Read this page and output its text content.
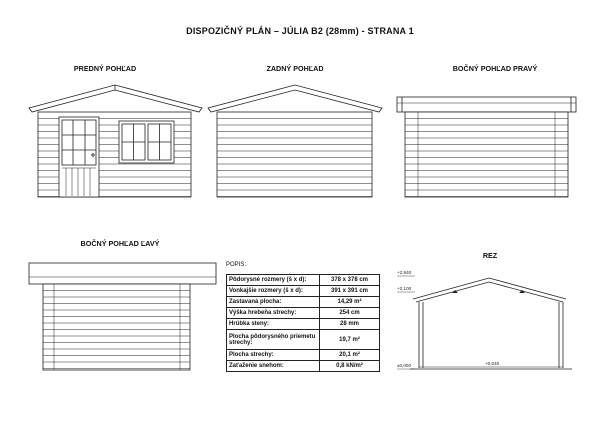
DISPOZIČNÝ PLÁN – JÚLIA B2 (28mm) - STRANA 1
PREDNÝ POHĽAD	ZADNÝ POHĽAD	BOČNÝ POHĽAD PRAVÝ
BOČNÝ POHĽAD ĽAVÝ
REZ
POPIS:
Pôdorysné rozmery (š x d):	378 x 378 cm
Vonkajšie rozmery (š x d):	391 x 391 cm
Zastavaná plocha:	14,29 m²
Výška hrebeňa strechy:	254 cm
Hrúbka steny:	28 mm
Plocha pôdorysného priemetu strechy:	19,7 m²
Plocha strechy:	20,1 m²
Zaťaženie snehom:	0,8 kN/m²
+2,840
+2,100
±0,000	+0,040
